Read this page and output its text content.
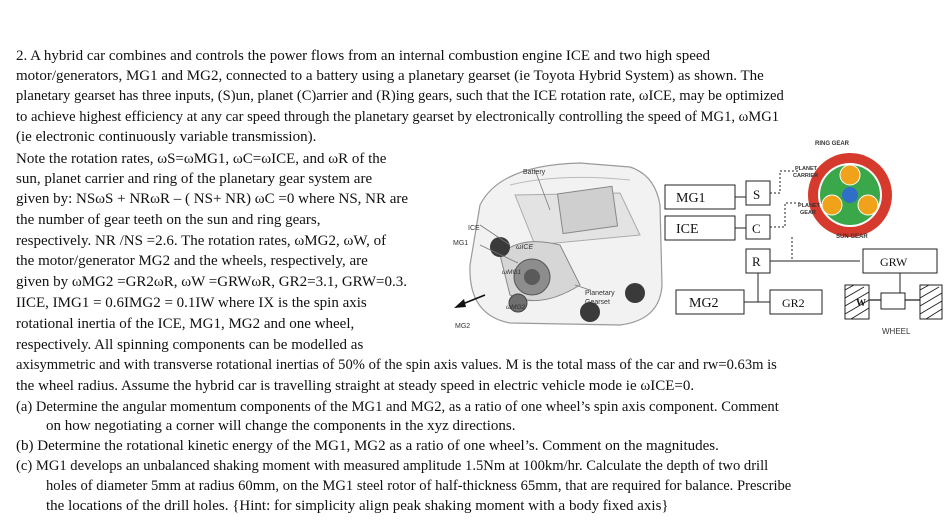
2. A hybrid car combines and controls the power flows from an internal combustion engine ICE and two high speed
motor/generators, MG1 and MG2, connected to a battery using a planetary gearset (ie Toyota Hybrid System) as shown. The
planetary gearset has three inputs, (S)un, planet (C)arrier and (R)ing gears, such that the ICE rotation rate, ωICE, may be optimized
to achieve highest efficiency at any car speed through the planetary gearset by electronically controlling the speed of MG1, ωMG1
(ie electronic continuously variable transmission).
Note the rotation rates, ωS=ωMG1, ωC=ωICE, and ωR of the
sun, planet carrier and ring of the planetary gear system are
given by: NSωS + NRωR – ( NS+ NR) ωC =0 where NS, NR are
the number of gear teeth on the sun and ring gears,
respectively. NR /NS =2.6. The rotation rates, ωMG2, ωW, of
the motor/generator MG2 and the wheels, respectively, are
given by ωMG2 =GR2ωR, ωW =GRWωR, GR2=3.1, GRW=0.3.
IICE, IMG1 = 0.6IMG2 = 0.1IW where IX is the spin axis
rotational inertia of the ICE, MG1, MG2 and one wheel,
respectively. All spinning components can be modelled as
axisymmetric and with transverse rotational inertias of 50% of the spin axis values. M is the total mass of the car and rw=0.63m is
the wheel radius. Assume the hybrid car is travelling straight at steady speed in electric vehicle mode ie ωICE=0.
(a) Determine the angular momentum components of the MG1 and MG2, as a ratio of one wheel’s spin axis component. Comment
on how negotiating a corner will change the components in the xyz directions.
(b) Determine the rotational kinetic energy of the MG1, MG2 as a ratio of one wheel’s. Comment on the magnitudes.
(c) MG1 develops an unbalanced shaking moment with measured amplitude 1.5Nm at 100km/hr. Calculate the depth of two drill
holes of diameter 5mm at radius 60mm, on the MG1 steel rotor of half-thickness 65mm, that are required for balance. Prescribe
the locations of the drill holes. {Hint: for simplicity align peak shaking moment with a body fixed axis}
Battery
ICE
MG1
MG2
Planetary
Gearset
ωICE
ωMG1
ωMG2
MG1
ICE
MG2
S
C
R
GR2
GRW
W
WHEEL
RING GEAR
PLANET
CARRIER
PLANET
GEAR
SUN GEAR
